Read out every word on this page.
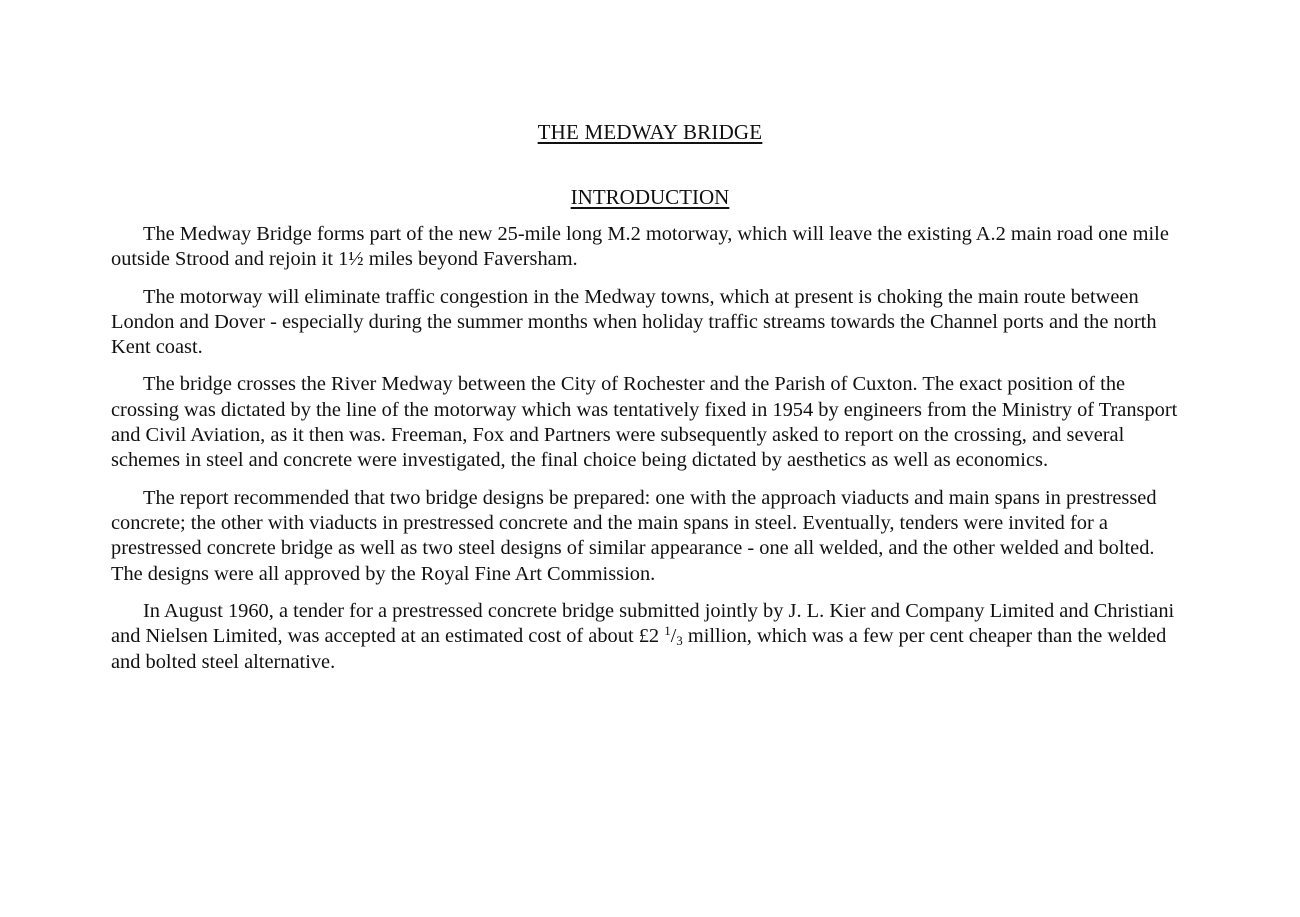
THE MEDWAY BRIDGE
INTRODUCTION

The Medway Bridge forms part of the new 25-mile long M.2 motorway, which will leave the existing A.2 main road one mile outside Strood and rejoin it 1½ miles beyond Faversham.

The motorway will eliminate traffic congestion in the Medway towns, which at present is choking the main route between London and Dover - especially during the summer months when holiday traffic streams towards the Channel ports and the north Kent coast.

The bridge crosses the River Medway between the City of Rochester and the Parish of Cuxton. The exact position of the crossing was dictated by the line of the motorway which was tentatively fixed in 1954 by engineers from the Ministry of Transport and Civil Aviation, as it then was. Freeman, Fox and Partners were subsequently asked to report on the crossing, and several schemes in steel and concrete were investigated, the final choice being dictated by aesthetics as well as economics.

The report recommended that two bridge designs be prepared: one with the approach viaducts and main spans in prestressed concrete; the other with viaducts in prestressed concrete and the main spans in steel. Eventually, tenders were invited for a prestressed concrete bridge as well as two steel designs of similar appearance - one all welded, and the other welded and bolted. The designs were all approved by the Royal Fine Art Commission.

In August 1960, a tender for a prestressed concrete bridge submitted jointly by J. L. Kier and Company Limited and Christiani and Nielsen Limited, was accepted at an estimated cost of about £2 1/3 million, which was a few per cent cheaper than the welded and bolted steel alternative.
